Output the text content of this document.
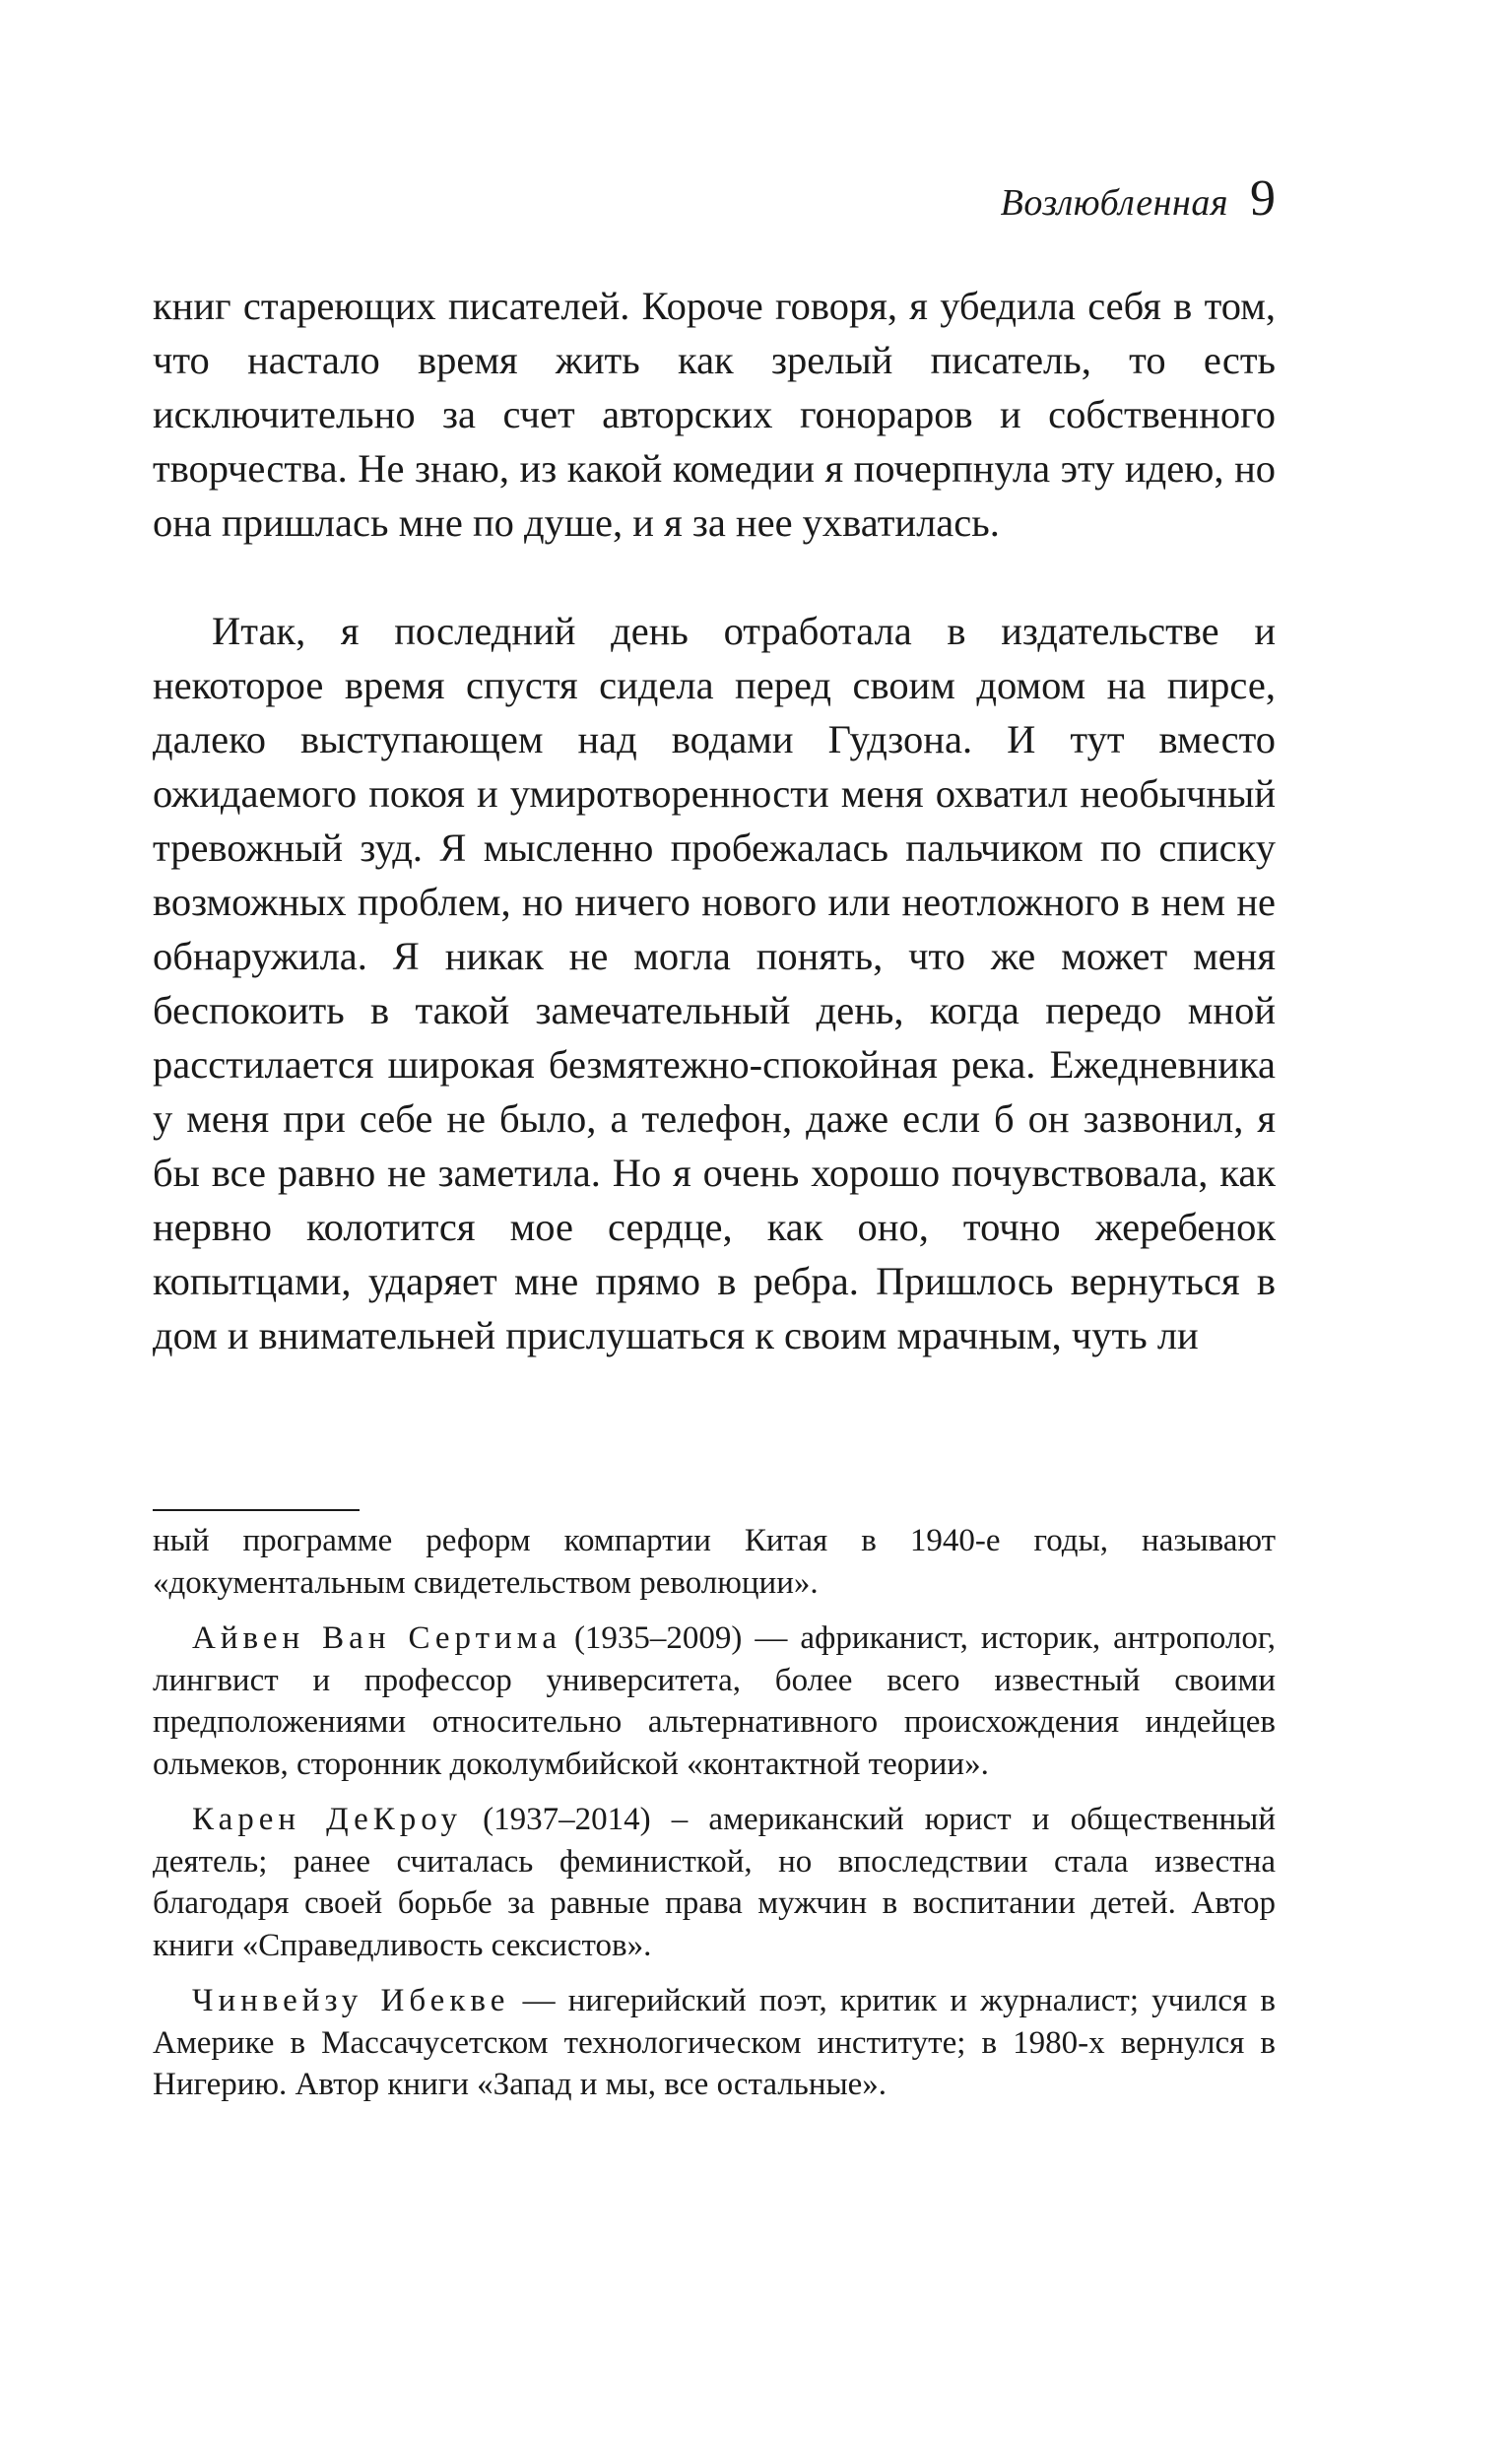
Возлюбленная 9

книг стареющих писателей. Короче говоря, я убедила себя в том, что настало время жить как зрелый писатель, то есть исключительно за счет авторских гонораров и собственного творчества. Не знаю, из какой комедии я почерпнула эту идею, но она пришлась мне по душе, и я за нее ухватилась.

Итак, я последний день отработала в издательстве и некоторое время спустя сидела перед своим домом на пирсе, далеко выступающем над водами Гудзона. И тут вместо ожидаемого покоя и умиротворенности меня охватил необычный тревожный зуд. Я мысленно пробежалась пальчиком по списку возможных проблем, но ничего нового или неотложного в нем не обнаружила. Я никак не могла понять, что же может меня беспокоить в такой замечательный день, когда передо мной расстилается широкая безмятежно-спокойная река. Ежедневника у меня при себе не было, а телефон, даже если б он зазвонил, я бы все равно не заметила. Но я очень хорошо почувствовала, как нервно колотится мое сердце, как оно, точно жеребенок копытцами, ударяет мне прямо в ребра. Пришлось вернуться в дом и внимательней прислушаться к своим мрачным, чуть ли

ный программе реформ компартии Китая в 1940-е годы, называют «документальным свидетельством революции».

Айвен Ван Сертима (1935–2009) — африканист, историк, антрополог, лингвист и профессор университета, более всего известный своими предположениями относительно альтернативного происхождения индейцев ольмеков, сторонник доколумбийской «контактной теории».

Карен ДеКроу (1937–2014) – американский юрист и общественный деятель; ранее считалась феминисткой, но впоследствии стала известна благодаря своей борьбе за равные права мужчин в воспитании детей. Автор книги «Справедливость сексистов».

Чинвейзу Ибекве — нигерийский поэт, критик и журналист; учился в Америке в Массачусетском технологическом институте; в 1980-х вернулся в Нигерию. Автор книги «Запад и мы, все остальные».
